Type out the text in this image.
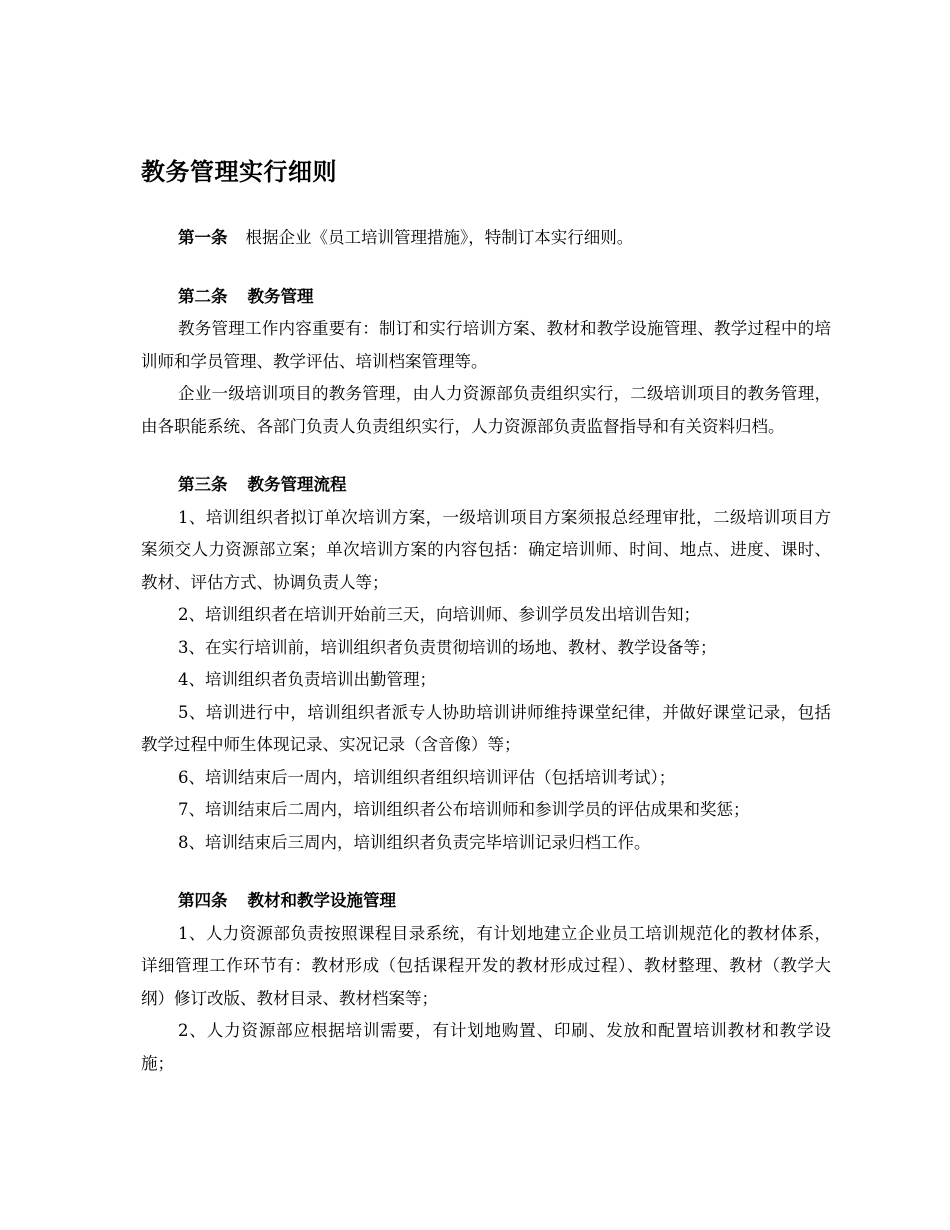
教务管理实行细则

第一条 根据企业《员工培训管理措施》，特制订本实行细则。

第二条 教务管理

教务管理工作内容重要有：制订和实行培训方案、教材和教学设施管理、教学过程中的培训师和学员管理、教学评估、培训档案管理等。

企业一级培训项目的教务管理，由人力资源部负责组织实行，二级培训项目的教务管理，由各职能系统、各部门负责人负责组织实行，人力资源部负责监督指导和有关资料归档。

第三条 教务管理流程

1、培训组织者拟订单次培训方案，一级培训项目方案须报总经理审批，二级培训项目方案须交人力资源部立案；单次培训方案的内容包括：确定培训师、时间、地点、进度、课时、教材、评估方式、协调负责人等；

2、培训组织者在培训开始前三天，向培训师、参训学员发出培训告知；

3、在实行培训前，培训组织者负责贯彻培训的场地、教材、教学设备等；

4、培训组织者负责培训出勤管理；

5、培训进行中，培训组织者派专人协助培训讲师维持课堂纪律，并做好课堂记录，包括教学过程中师生体现记录、实况记录（含音像）等；

6、培训结束后一周内，培训组织者组织培训评估（包括培训考试）；

7、培训结束后二周内，培训组织者公布培训师和参训学员的评估成果和奖惩；

8、培训结束后三周内，培训组织者负责完毕培训记录归档工作。

第四条 教材和教学设施管理

1、人力资源部负责按照课程目录系统，有计划地建立企业员工培训规范化的教材体系，详细管理工作环节有：教材形成（包括课程开发的教材形成过程）、教材整理、教材（教学大纲）修订改版、教材目录、教材档案等；

2、人力资源部应根据培训需要，有计划地购置、印刷、发放和配置培训教材和教学设施；
